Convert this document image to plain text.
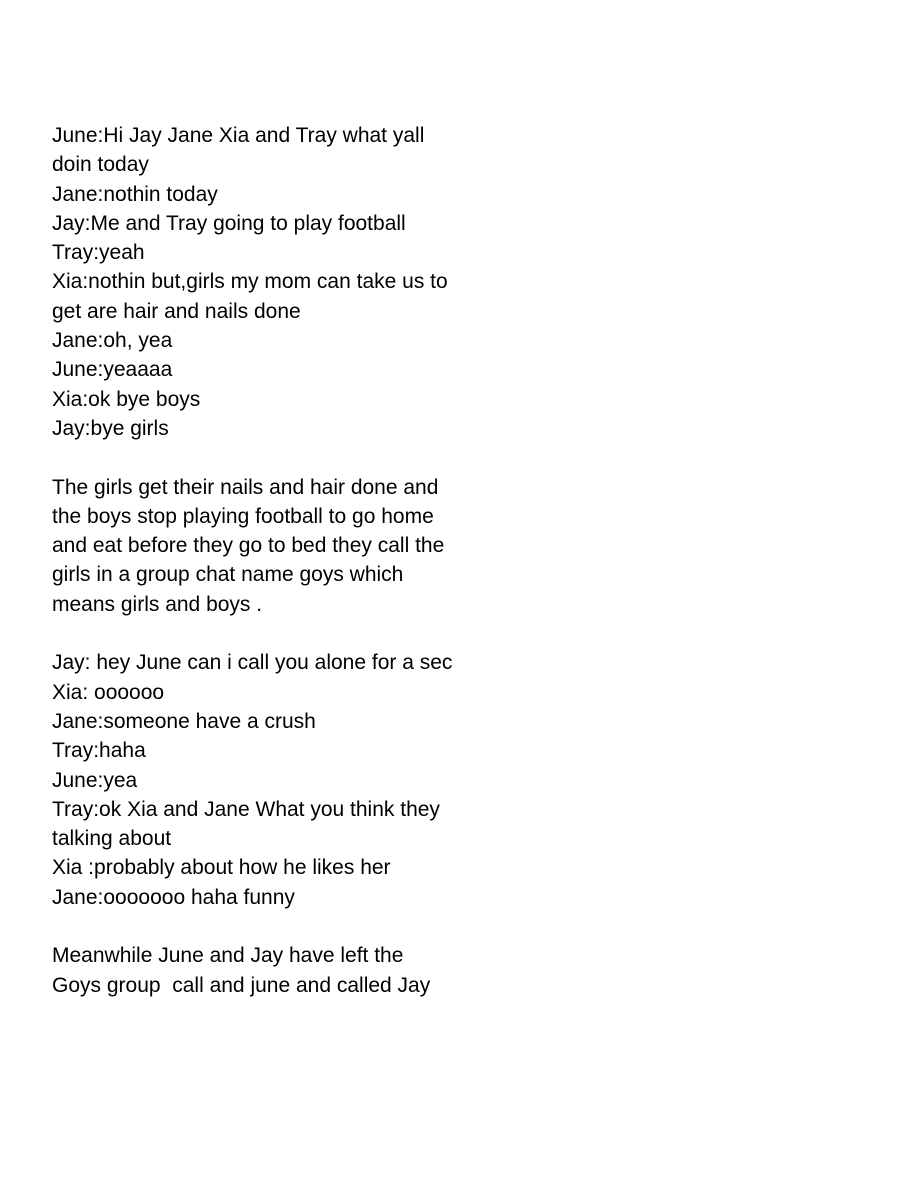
June:Hi Jay Jane Xia and Tray what yall
doin today
Jane:nothin today
Jay:Me and Tray going to play football
Tray:yeah
Xia:nothin but,girls my mom can take us to
get are hair and nails done
Jane:oh, yea
June:yeaaaa
Xia:ok bye boys
Jay:bye girls
The girls get their nails and hair done and
the boys stop playing football to go home
and eat before they go to bed they call the
girls in a group chat name goys which
means girls and boys .
Jay: hey June can i call you alone for a sec
Xia: oooooo
Jane:someone have a crush
Tray:haha
June:yea
Tray:ok Xia and Jane What you think they
talking about
Xia :probably about how he likes her
Jane:ooooooo haha funny
Meanwhile June and Jay have left the
Goys group  call and june and called Jay
